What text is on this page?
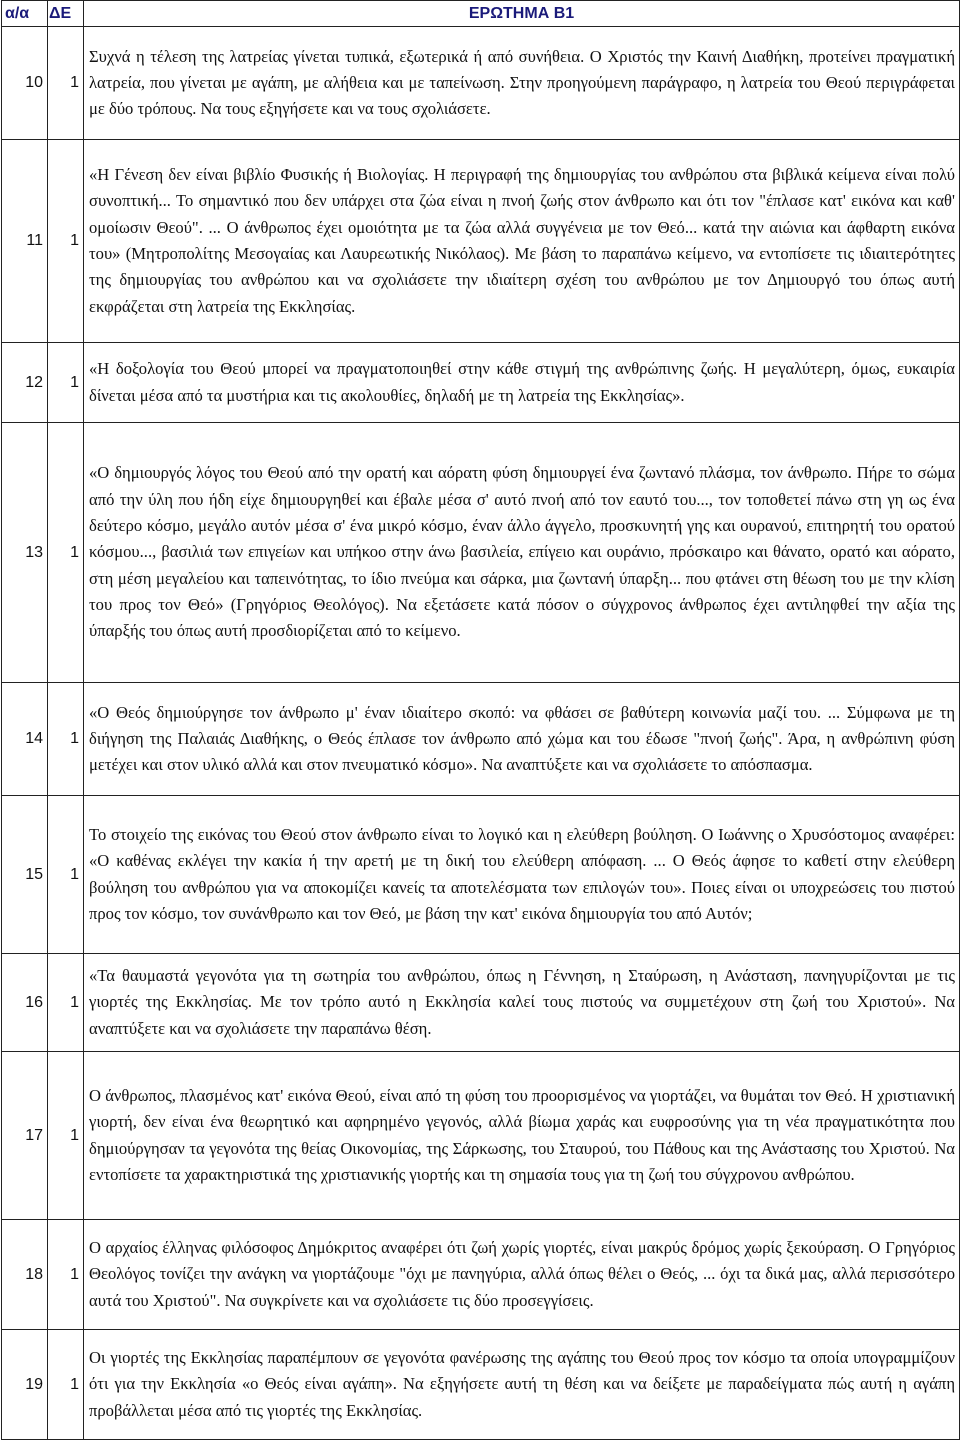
α/α	ΔΕ	ΕΡΩΤΗΜΑ Β1
10	1	Συχνά η τέλεση της λατρείας γίνεται τυπικά, εξωτερικά ή από συνήθεια. Ο Χριστός την Καινή Διαθήκη, προτείνει πραγματική λατρεία, που γίνεται με αγάπη, με αλήθεια και με ταπείνωση. Στην προηγούμενη παράγραφο, η λατρεία του Θεού περιγράφεται με δύο τρόπους. Να τους εξηγήσετε και να τους σχολιάσετε.

11	1	«Η Γένεση δεν είναι βιβλίο Φυσικής ή Βιολογίας. Η περιγραφή της δημιουργίας του ανθρώπου στα βιβλικά κείμενα είναι πολύ συνοπτική... Το σημαντικό που δεν υπάρχει στα ζώα είναι η πνοή ζωής στον άνθρωπο και ότι τον "έπλασε κατ' εικόνα και καθ' ομοίωσιν Θεού". ... Ο άνθρωπος έχει ομοιότητα με τα ζώα αλλά συγγένεια με τον Θεό... κατά την αιώνια και άφθαρτη εικόνα του» (Μητροπολίτης Μεσογαίας και Λαυρεωτικής Νικόλαος). Με βάση το παραπάνω κείμενο, να εντοπίσετε τις ιδιαιτερότητες της δημιουργίας του ανθρώπου και να σχολιάσετε την ιδιαίτερη σχέση του ανθρώπου με τον Δημιουργό του όπως αυτή εκφράζεται στη λατρεία της Εκκλησίας.

12	1	«Η δοξολογία του Θεού μπορεί να πραγματοποιηθεί στην κάθε στιγμή της ανθρώπινης ζωής. Η μεγαλύτερη, όμως, ευκαιρία δίνεται μέσα από τα μυστήρια και τις ακολουθίες, δηλαδή με τη λατρεία της Εκκλησίας».

13	1	«Ο δημιουργός λόγος του Θεού από την ορατή και αόρατη φύση δημιουργεί ένα ζωντανό πλάσμα, τον άνθρωπο. Πήρε το σώμα από την ύλη που ήδη είχε δημιουργηθεί και έβαλε μέσα σ' αυτό πνοή από τον εαυτό του..., τον τοποθετεί πάνω στη γη ως ένα δεύτερο κόσμο, μεγάλο αυτόν μέσα σ' ένα μικρό κόσμο, έναν άλλο άγγελο, προσκυνητή γης και ουρανού, επιτηρητή του ορατού κόσμου..., βασιλιά των επιγείων και υπήκοο στην άνω βασιλεία, επίγειο και ουράνιο, πρόσκαιρο και θάνατο, ορατό και αόρατο, στη μέση μεγαλείου και ταπεινότητας, το ίδιο πνεύμα και σάρκα, μια ζωντανή ύπαρξη... που φτάνει στη θέωση του με την κλίση του προς τον Θεό» (Γρηγόριος Θεολόγος). Να εξετάσετε κατά πόσον ο σύγχρονος άνθρωπος έχει αντιληφθεί την αξία της ύπαρξής του όπως αυτή προσδιορίζεται από το κείμενο.

14	1	«Ο Θεός δημιούργησε τον άνθρωπο μ' έναν ιδιαίτερο σκοπό: να φθάσει σε βαθύτερη κοινωνία μαζί του. ... Σύμφωνα με τη διήγηση της Παλαιάς Διαθήκης, ο Θεός έπλασε τον άνθρωπο από χώμα και του έδωσε "πνοή ζωής". Άρα, η ανθρώπινη φύση μετέχει και στον υλικό αλλά και στον πνευματικό κόσμο». Να αναπτύξετε και να σχολιάσετε το απόσπασμα.

15	1	Το στοιχείο της εικόνας του Θεού στον άνθρωπο είναι το λογικό και η ελεύθερη βούληση. Ο Ιωάννης ο Χρυσόστομος αναφέρει: «Ο καθένας εκλέγει την κακία ή την αρετή με τη δική του ελεύθερη απόφαση. ... Ο Θεός άφησε το καθετί στην ελεύθερη βούληση του ανθρώπου για να αποκομίζει κανείς τα αποτελέσματα των επιλογών του». Ποιες είναι οι υποχρεώσεις του πιστού προς τον κόσμο, τον συνάνθρωπο και τον Θεό, με βάση την κατ' εικόνα δημιουργία του από Αυτόν;

16	1	«Τα θαυμαστά γεγονότα για τη σωτηρία του ανθρώπου, όπως η Γέννηση, η Σταύρωση, η Ανάσταση, πανηγυρίζονται με τις γιορτές της Εκκλησίας. Με τον τρόπο αυτό η Εκκλησία καλεί τους πιστούς να συμμετέχουν στη ζωή του Χριστού». Να αναπτύξετε και να σχολιάσετε την παραπάνω θέση.

17	1	Ο άνθρωπος, πλασμένος κατ' εικόνα Θεού, είναι από τη φύση του προορισμένος να γιορτάζει, να θυμάται τον Θεό. Η χριστιανική γιορτή, δεν είναι ένα θεωρητικό και αφηρημένο γεγονός, αλλά βίωμα χαράς και ευφροσύνης για τη νέα πραγματικότητα που δημιούργησαν τα γεγονότα της θείας Οικονομίας, της Σάρκωσης, του Σταυρού, του Πάθους και της Ανάστασης του Χριστού. Να εντοπίσετε τα χαρακτηριστικά της χριστιανικής γιορτής και τη σημασία τους για τη ζωή του σύγχρονου ανθρώπου.

18	1	Ο αρχαίος έλληνας φιλόσοφος Δημόκριτος αναφέρει ότι ζωή χωρίς γιορτές, είναι μακρύς δρόμος χωρίς ξεκούραση. Ο Γρηγόριος Θεολόγος τονίζει την ανάγκη να γιορτάζουμε "όχι με πανηγύρια, αλλά όπως θέλει ο Θεός, ... όχι τα δικά μας, αλλά περισσότερο αυτά του Χριστού". Να συγκρίνετε και να σχολιάσετε τις δύο προσεγγίσεις.

19	1	Οι γιορτές της Εκκλησίας παραπέμπουν σε γεγονότα φανέρωσης της αγάπης του Θεού προς τον κόσμο τα οποία υπογραμμίζουν ότι για την Εκκλησία «ο Θεός είναι αγάπη». Να εξηγήσετε αυτή τη θέση και να δείξετε με παραδείγματα πώς αυτή η αγάπη προβάλλεται μέσα από τις γιορτές της Εκκλησίας.
